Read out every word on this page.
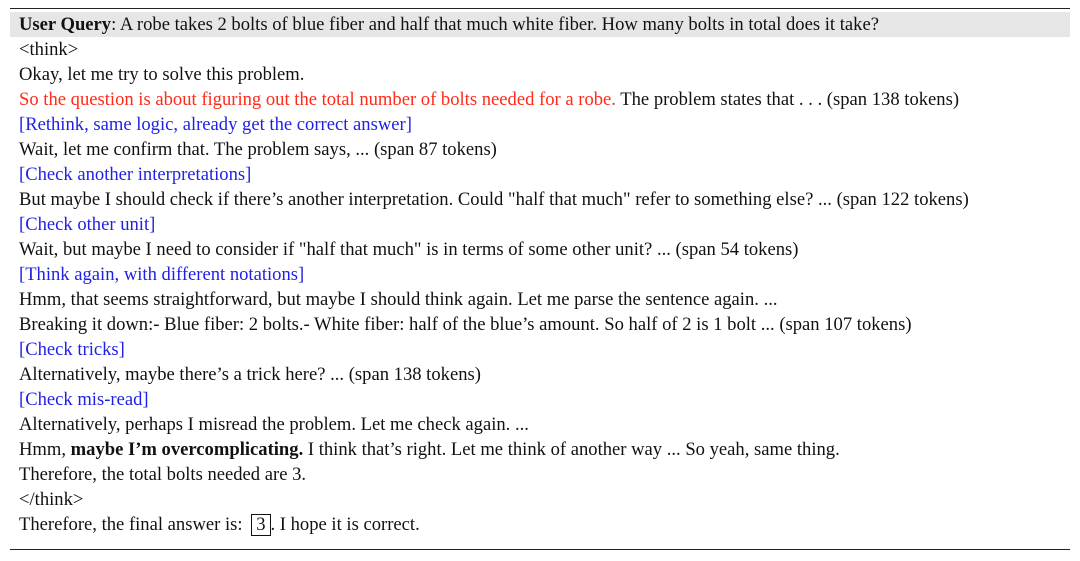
User Query: A robe takes 2 bolts of blue fiber and half that much white fiber. How many bolts in total does it take?
<think>
Okay, let me try to solve this problem.
So the question is about figuring out the total number of bolts needed for a robe. The problem states that . . . (span 138 tokens)
[Rethink, same logic, already get the correct answer]
Wait, let me confirm that. The problem says, ... (span 87 tokens)
[Check another interpretations]
But maybe I should check if there’s another interpretation. Could "half that much" refer to something else? ... (span 122 tokens)
[Check other unit]
Wait, but maybe I need to consider if "half that much" is in terms of some other unit? ... (span 54 tokens)
[Think again, with different notations]
Hmm, that seems straightforward, but maybe I should think again. Let me parse the sentence again. ...
Breaking it down:- Blue fiber: 2 bolts.- White fiber: half of the blue’s amount. So half of 2 is 1 bolt ... (span 107 tokens)
[Check tricks]
Alternatively, maybe there’s a trick here? ... (span 138 tokens)
[Check mis-read]
Alternatively, perhaps I misread the problem. Let me check again. ...
Hmm, maybe I’m overcomplicating. I think that’s right. Let me think of another way ... So yeah, same thing.
Therefore, the total bolts needed are 3.
</think>
Therefore, the final answer is: 3 . I hope it is correct.
